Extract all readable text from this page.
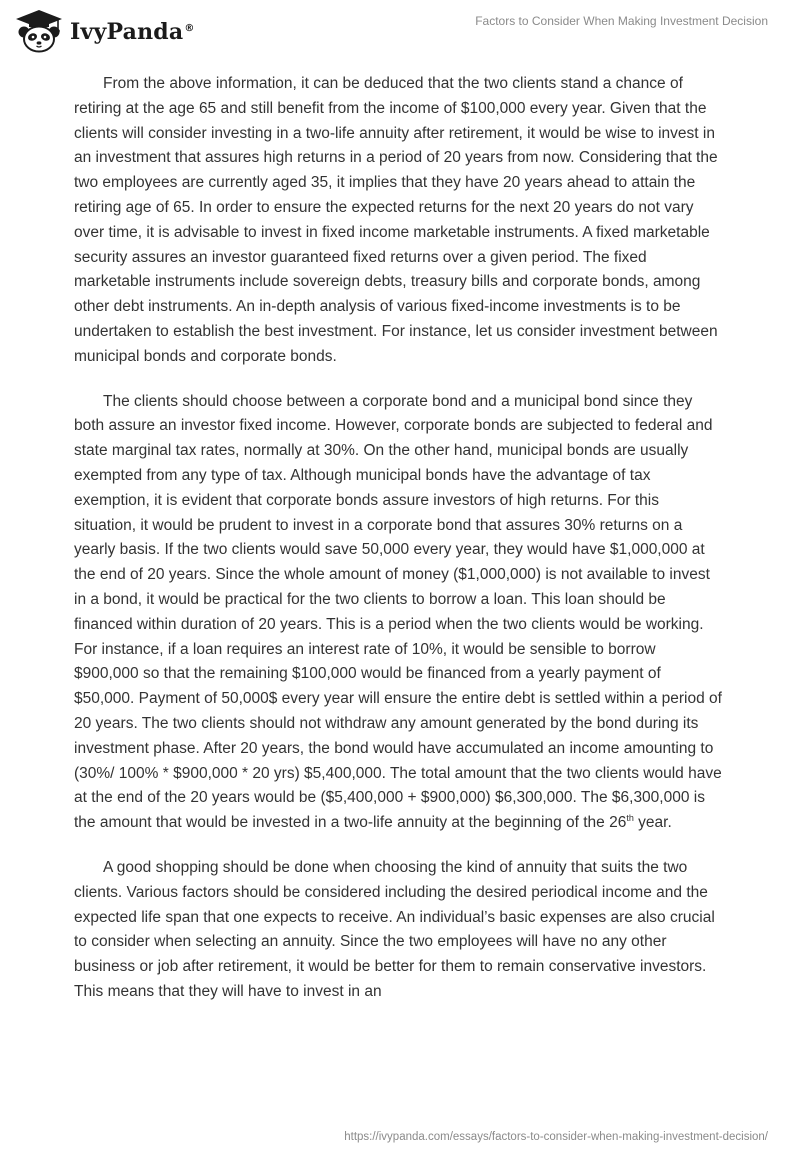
IvyPanda®
Factors to Consider When Making Investment Decision

From the above information, it can be deduced that the two clients stand a chance of retiring at the age 65 and still benefit from the income of $100,000 every year. Given that the clients will consider investing in a two-life annuity after retirement, it would be wise to invest in an investment that assures high returns in a period of 20 years from now. Considering that the two employees are currently aged 35, it implies that they have 20 years ahead to attain the retiring age of 65. In order to ensure the expected returns for the next 20 years do not vary over time, it is advisable to invest in fixed income marketable instruments. A fixed marketable security assures an investor guaranteed fixed returns over a given period. The fixed marketable instruments include sovereign debts, treasury bills and corporate bonds, among other debt instruments. An in-depth analysis of various fixed-income investments is to be undertaken to establish the best investment. For instance, let us consider investment between municipal bonds and corporate bonds.

The clients should choose between a corporate bond and a municipal bond since they both assure an investor fixed income. However, corporate bonds are subjected to federal and state marginal tax rates, normally at 30%. On the other hand, municipal bonds are usually exempted from any type of tax. Although municipal bonds have the advantage of tax exemption, it is evident that corporate bonds assure investors of high returns. For this situation, it would be prudent to invest in a corporate bond that assures 30% returns on a yearly basis. If the two clients would save 50,000 every year, they would have $1,000,000 at the end of 20 years. Since the whole amount of money ($1,000,000) is not available to invest in a bond, it would be practical for the two clients to borrow a loan. This loan should be financed within duration of 20 years. This is a period when the two clients would be working. For instance, if a loan requires an interest rate of 10%, it would be sensible to borrow $900,000 so that the remaining $100,000 would be financed from a yearly payment of $50,000. Payment of 50,000$ every year will ensure the entire debt is settled within a period of 20 years. The two clients should not withdraw any amount generated by the bond during its investment phase. After 20 years, the bond would have accumulated an income amounting to (30%/ 100% * $900,000 * 20 yrs) $5,400,000. The total amount that the two clients would have at the end of the 20 years would be ($5,400,000 + $900,000) $6,300,000. The $6,300,000 is the amount that would be invested in a two-life annuity at the beginning of the 26th year.

A good shopping should be done when choosing the kind of annuity that suits the two clients. Various factors should be considered including the desired periodical income and the expected life span that one expects to receive. An individual’s basic expenses are also crucial to consider when selecting an annuity. Since the two employees will have no any other business or job after retirement, it would be better for them to remain conservative investors. This means that they will have to invest in an

https://ivypanda.com/essays/factors-to-consider-when-making-investment-decision/
